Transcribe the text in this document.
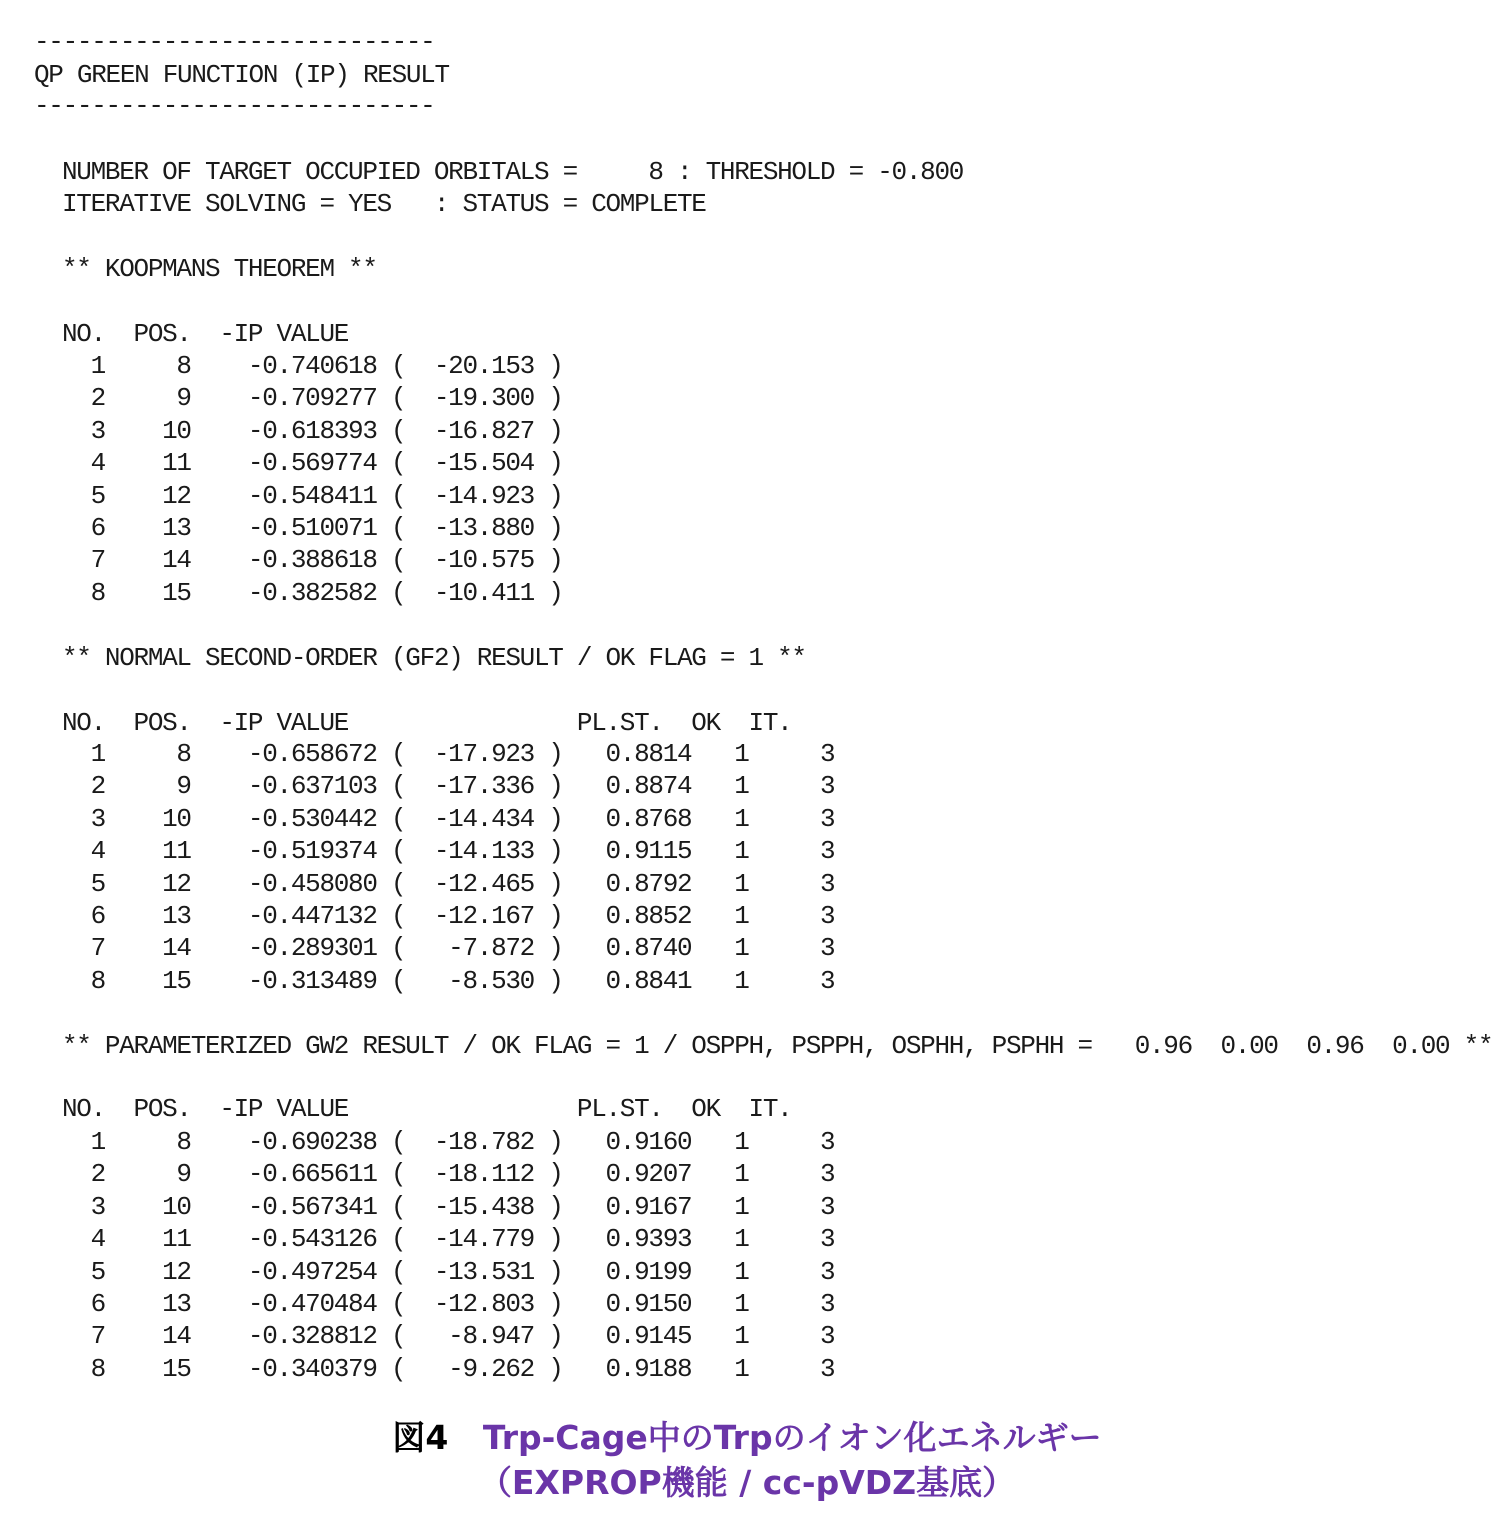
----------------------------
QP GREEN FUNCTION (IP) RESULT
----------------------------
NUMBER OF TARGET OCCUPIED ORBITALS =     8 : THRESHOLD = -0.800
ITERATIVE SOLVING = YES   : STATUS = COMPLETE
** KOOPMANS THEOREM **
NO.  POS.  -IP VALUE
1     8    -0.740618 (  -20.153 )
2     9    -0.709277 (  -19.300 )
3    10    -0.618393 (  -16.827 )
4    11    -0.569774 (  -15.504 )
5    12    -0.548411 (  -14.923 )
6    13    -0.510071 (  -13.880 )
7    14    -0.388618 (  -10.575 )
8    15    -0.382582 (  -10.411 )
** NORMAL SECOND-ORDER (GF2) RESULT / OK FLAG = 1 **
NO.  POS.  -IP VALUE                PL.ST.  OK  IT.
1     8    -0.658672 (  -17.923 )   0.8814   1     3
2     9    -0.637103 (  -17.336 )   0.8874   1     3
3    10    -0.530442 (  -14.434 )   0.8768   1     3
4    11    -0.519374 (  -14.133 )   0.9115   1     3
5    12    -0.458080 (  -12.465 )   0.8792   1     3
6    13    -0.447132 (  -12.167 )   0.8852   1     3
7    14    -0.289301 (   -7.872 )   0.8740   1     3
8    15    -0.313489 (   -8.530 )   0.8841   1     3
** PARAMETERIZED GW2 RESULT / OK FLAG = 1 / OSPPH, PSPPH, OSPHH, PSPHH =   0.96  0.00  0.96  0.00 **
NO.  POS.  -IP VALUE                PL.ST.  OK  IT.
1     8    -0.690238 (  -18.782 )   0.9160   1     3
2     9    -0.665611 (  -18.112 )   0.9207   1     3
3    10    -0.567341 (  -15.438 )   0.9167   1     3
4    11    -0.543126 (  -14.779 )   0.9393   1     3
5    12    -0.497254 (  -13.531 )   0.9199   1     3
6    13    -0.470484 (  -12.803 )   0.9150   1     3
7    14    -0.328812 (   -8.947 )   0.9145   1     3
8    15    -0.340379 (   -9.262 )   0.9188   1     3
図4 Trp-Cage中のTrpのイオン化エネルギー
（EXPROP機能 / cc-pVDZ基底）
